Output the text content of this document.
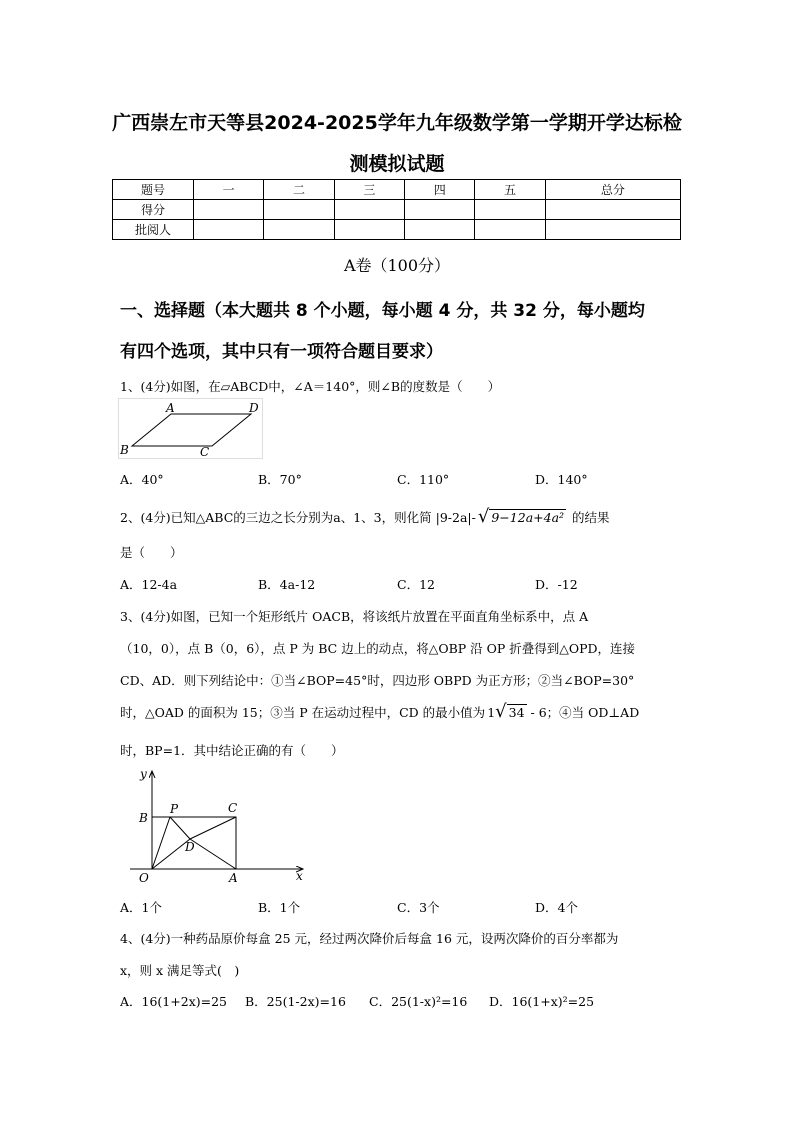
广西崇左市天等县2024-2025学年九年级数学第一学期开学达标检
测模拟试题
题号	一	二	三	四	五	总分
得分						
批阅人						
A卷（100分）
一、选择题（本大题共 8 个小题，每小题 4 分，共 32 分，每小题均
有四个选项，其中只有一项符合题目要求）
1、(4分)如图，在▱ABCD中，∠A＝140°，则∠B的度数是（　　）
A	D
B	C
A．40°	B．70°	C．110°	D．140°
2、(4分)已知△ABC的三边之长分别为a、1、3，则化简 |9-2a|- √ 9−12a+4a² 的结果
是（　　）
A．12-4a	B．4a-12	C．12	D．-12
3、(4分)如图，已知一个矩形纸片 OACB，将该纸片放置在平面直角坐标系中，点 A
（10，0），点 B（0，6），点 P 为 BC 边上的动点，将△OBP 沿 OP 折叠得到△OPD，连接
CD、AD．则下列结论中：①当∠BOP=45°时，四边形 OBPD 为正方形；②当∠BOP=30°
时，△OAD 的面积为 15；③当 P 在运动过程中，CD 的最小值为 1 √ 34 - 6；④当 OD⊥AD
时，BP=1．其中结论正确的有（　　）
y
x
B
P	C
D
O	A
A．1个	B．1个	C．3个	D．4个
4、(4分)一种药品原价每盒 25 元，经过两次降价后每盒 16 元，设两次降价的百分率都为
x，则 x 满足等式(　)
A．16(1+2x)=25 B．25(1-2x)=16 C．25(1-x)²=16 D．16(1+x)²=25
